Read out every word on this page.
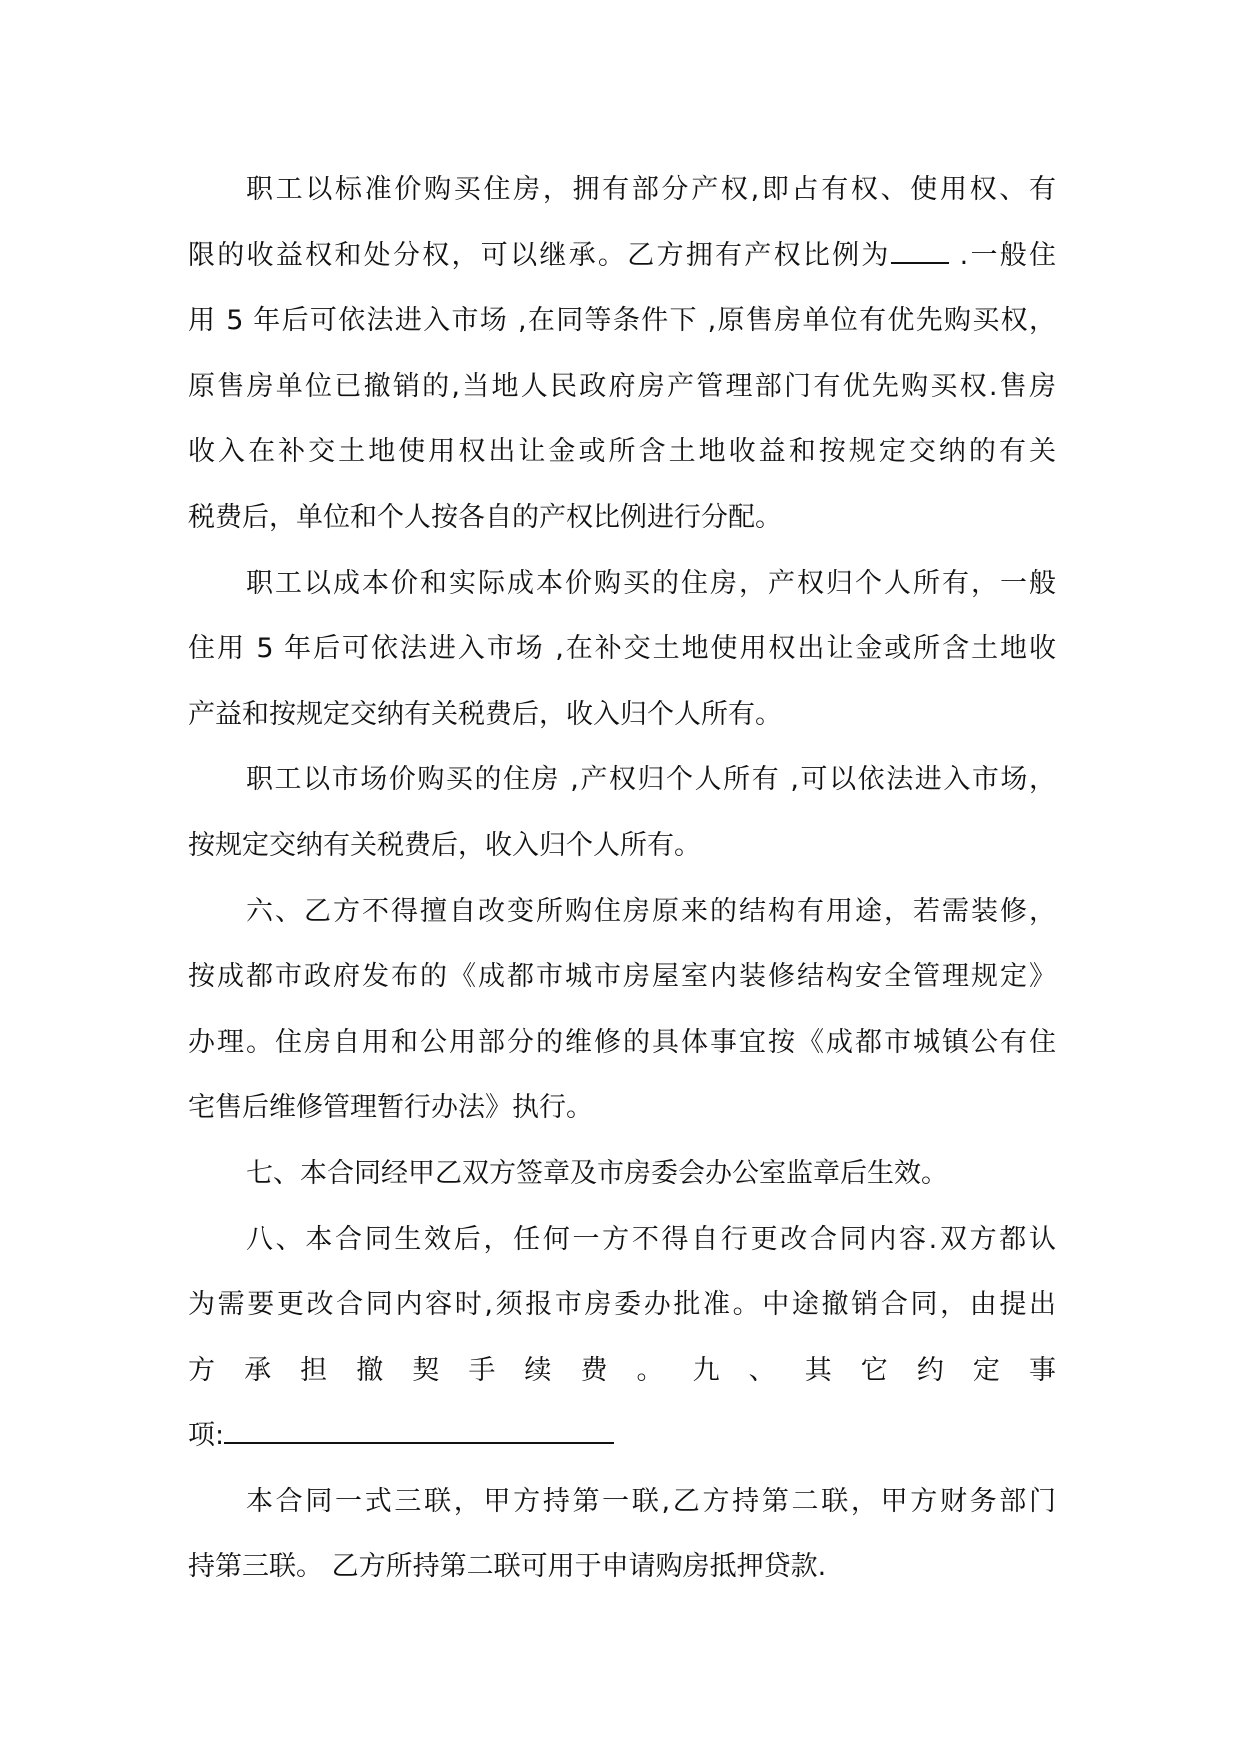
职工以标准价购买住房，拥有部分产权,即占有权、使用权、有
限的收益权和处分权，可以继承。乙方拥有产权比例为 .一般住
用 5 年后可依法进入市场 ,在同等条件下 ,原售房单位有优先购买权，
原售房单位已撤销的,当地人民政府房产管理部门有优先购买权.售房
收入在补交土地使用权出让金或所含土地收益和按规定交纳的有关
税费后，单位和个人按各自的产权比例进行分配。
职工以成本价和实际成本价购买的住房，产权归个人所有，一般
住用 5 年后可依法进入市场 ,在补交土地使用权出让金或所含土地收
产益和按规定交纳有关税费后，收入归个人所有。
职工以市场价购买的住房 ,产权归个人所有 ,可以依法进入市场，
按规定交纳有关税费后，收入归个人所有。
六、乙方不得擅自改变所购住房原来的结构有用途，若需装修，
按成都市政府发布的《成都市城市房屋室内装修结构安全管理规定》
办理。住房自用和公用部分的维修的具体事宜按《成都市城镇公有住
宅售后维修管理暂行办法》执行。
七、本合同经甲乙双方签章及市房委会办公室监章后生效。
八、本合同生效后，任何一方不得自行更改合同内容.双方都认
为需要更改合同内容时,须报市房委办批准。中途撤销合同，由提出
方 承 担 撤 契 手 续 费 。 九 、 其 它 约 定 事
项:
本合同一式三联，甲方持第一联,乙方持第二联，甲方财务部门
持第三联。 乙方所持第二联可用于申请购房抵押贷款.
